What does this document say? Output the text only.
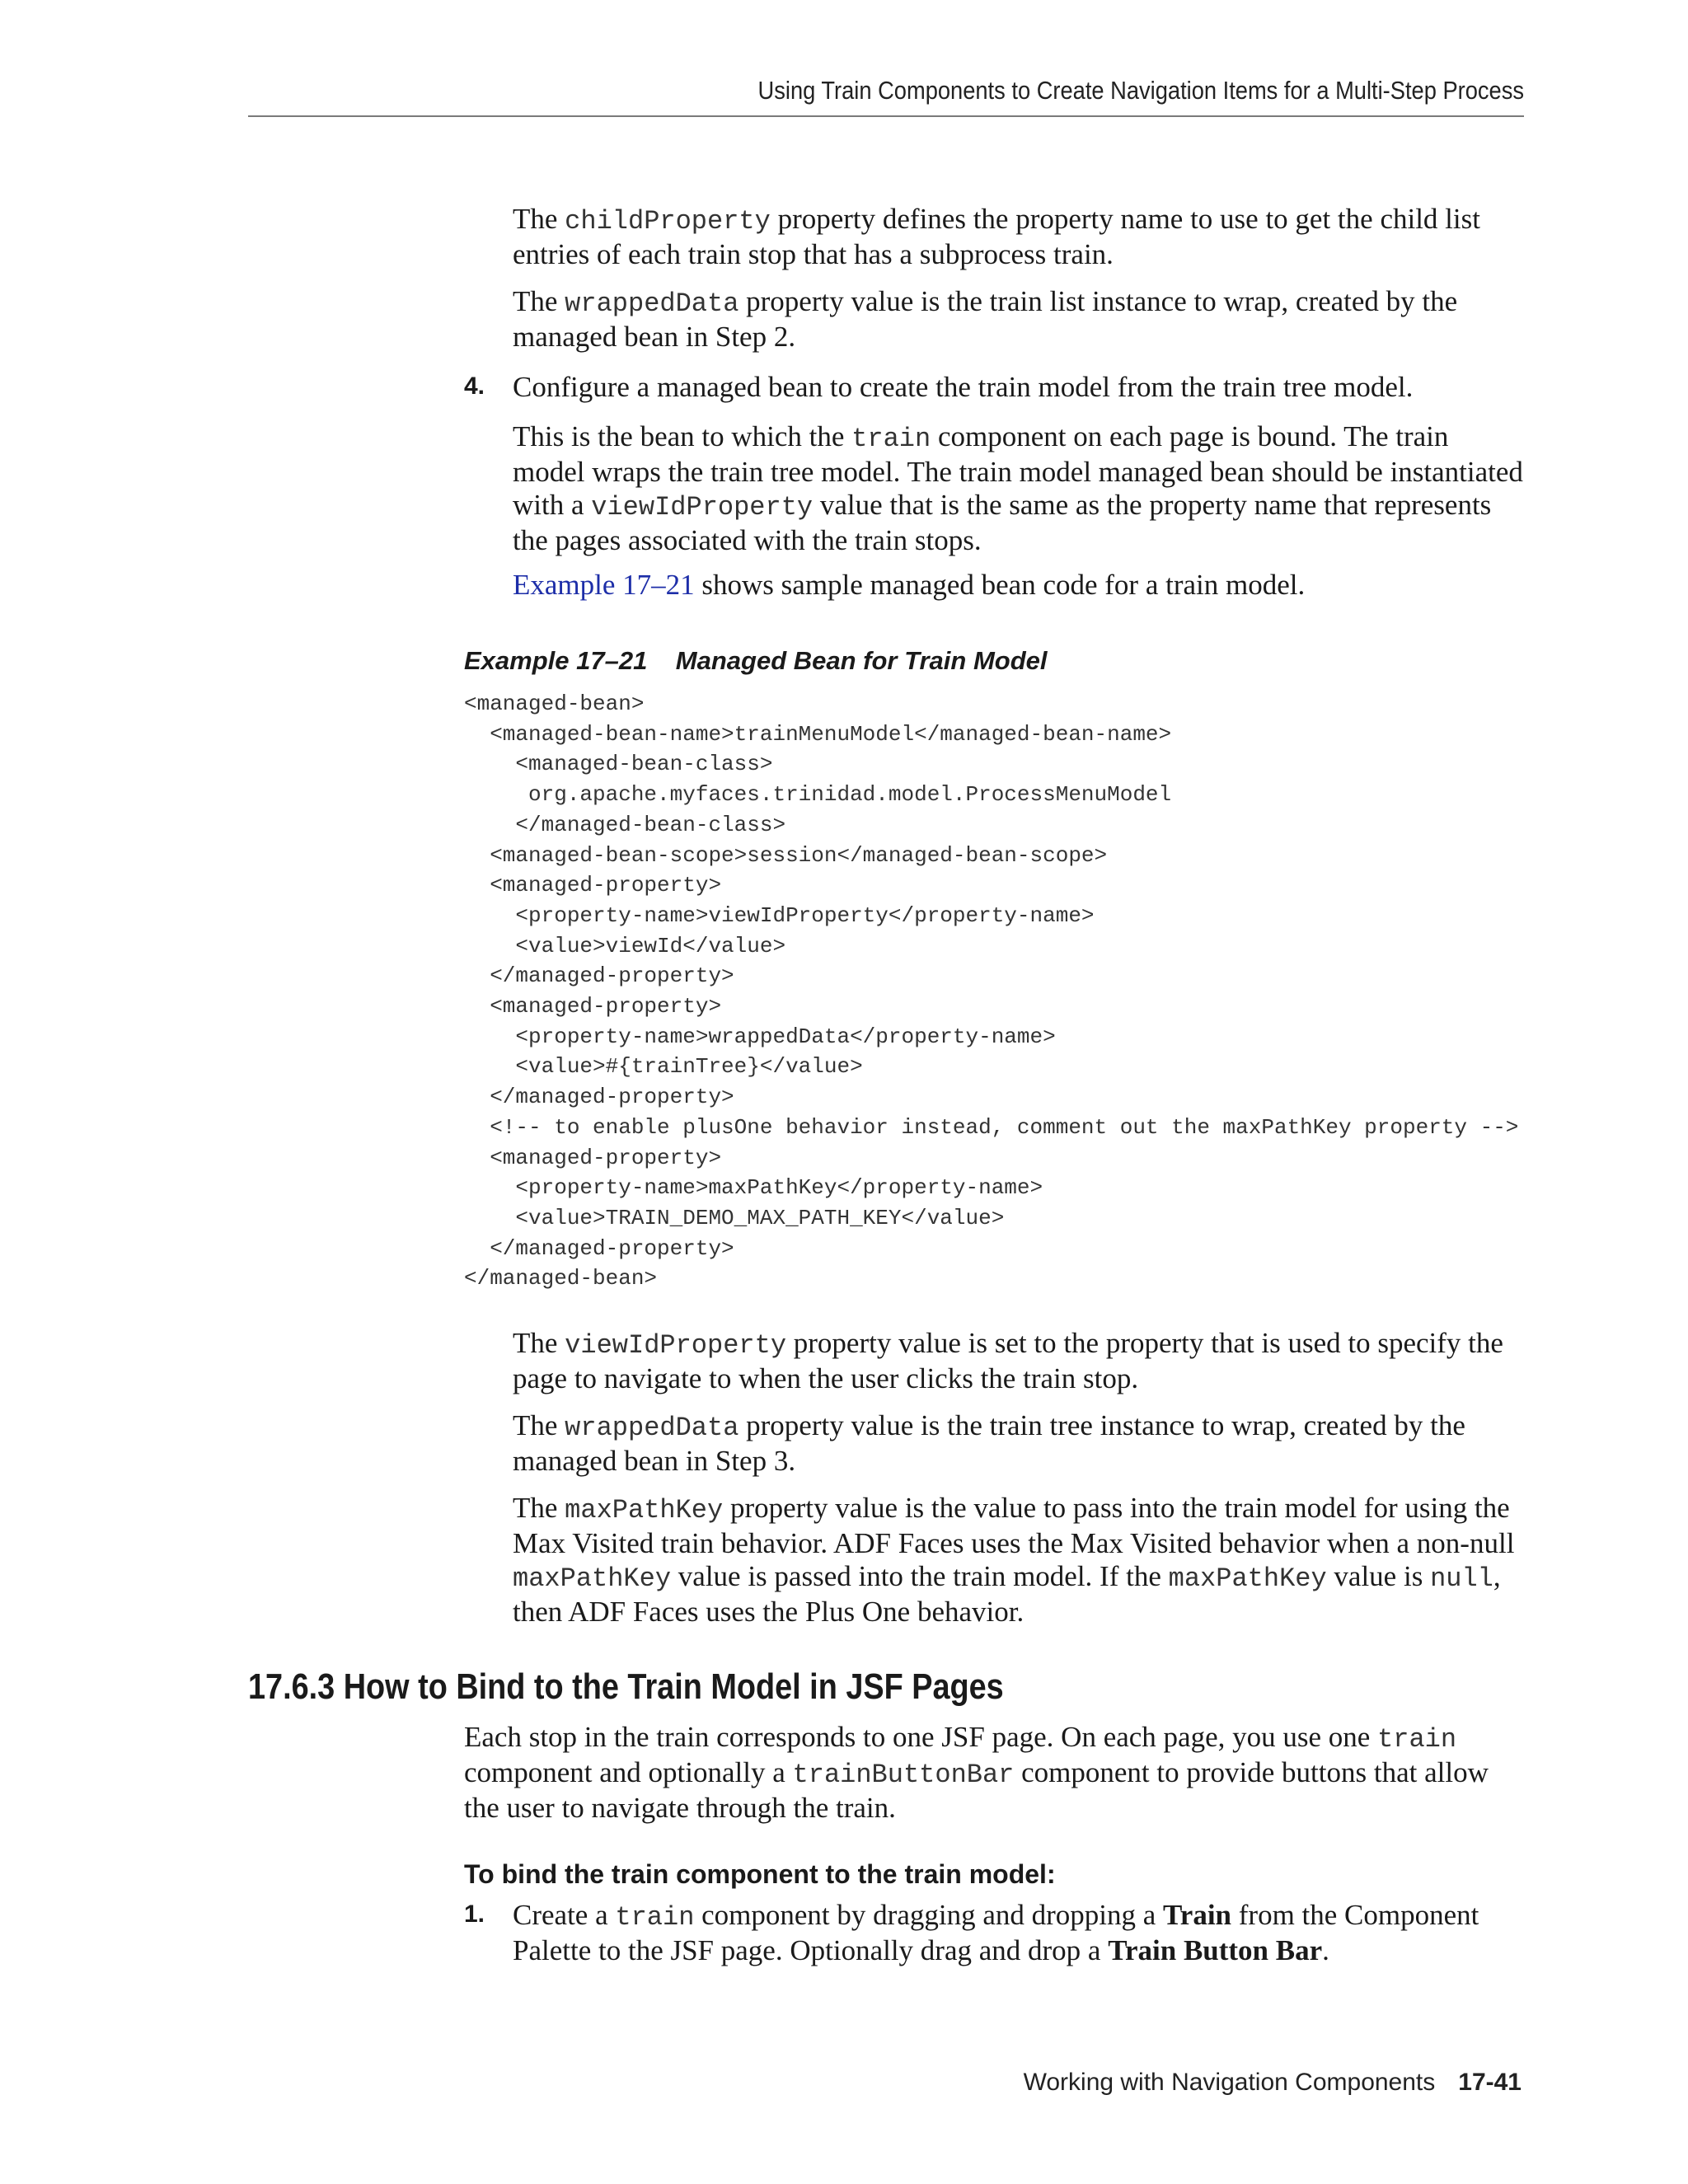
Using Train Components to Create Navigation Items for a Multi-Step Process

The childProperty property defines the property name to use to get the child list entries of each train stop that has a subprocess train.

The wrappedData property value is the train list instance to wrap, created by the managed bean in Step 2.

4. Configure a managed bean to create the train model from the train tree model.

This is the bean to which the train component on each page is bound. The train model wraps the train tree model. The train model managed bean should be instantiated with a viewIdProperty value that is the same as the property name that represents the pages associated with the train stops.

Example 17–21 shows sample managed bean code for a train model.

Example 17–21    Managed Bean for Train Model
<managed-bean>
<managed-bean-name>trainMenuModel</managed-bean-name>
<managed-bean-class>
org.apache.myfaces.trinidad.model.ProcessMenuModel
</managed-bean-class>
<managed-bean-scope>session</managed-bean-scope>
<managed-property>
<property-name>viewIdProperty</property-name>
<value>viewId</value>
</managed-property>
<managed-property>
<property-name>wrappedData</property-name>
<value>#{trainTree}</value>
</managed-property>
<!-- to enable plusOne behavior instead, comment out the maxPathKey property -->
<managed-property>
<property-name>maxPathKey</property-name>
<value>TRAIN_DEMO_MAX_PATH_KEY</value>
</managed-property>
</managed-bean>

The viewIdProperty property value is set to the property that is used to specify the page to navigate to when the user clicks the train stop.

The wrappedData property value is the train tree instance to wrap, created by the managed bean in Step 3.

The maxPathKey property value is the value to pass into the train model for using the Max Visited train behavior. ADF Faces uses the Max Visited behavior when a non-null maxPathKey value is passed into the train model. If the maxPathKey value is null, then ADF Faces uses the Plus One behavior.

17.6.3 How to Bind to the Train Model in JSF Pages

Each stop in the train corresponds to one JSF page. On each page, you use one train component and optionally a trainButtonBar component to provide buttons that allow the user to navigate through the train.

To bind the train component to the train model:
1. Create a train component by dragging and dropping a Train from the Component Palette to the JSF page. Optionally drag and drop a Train Button Bar.

Working with Navigation Components 17-41
